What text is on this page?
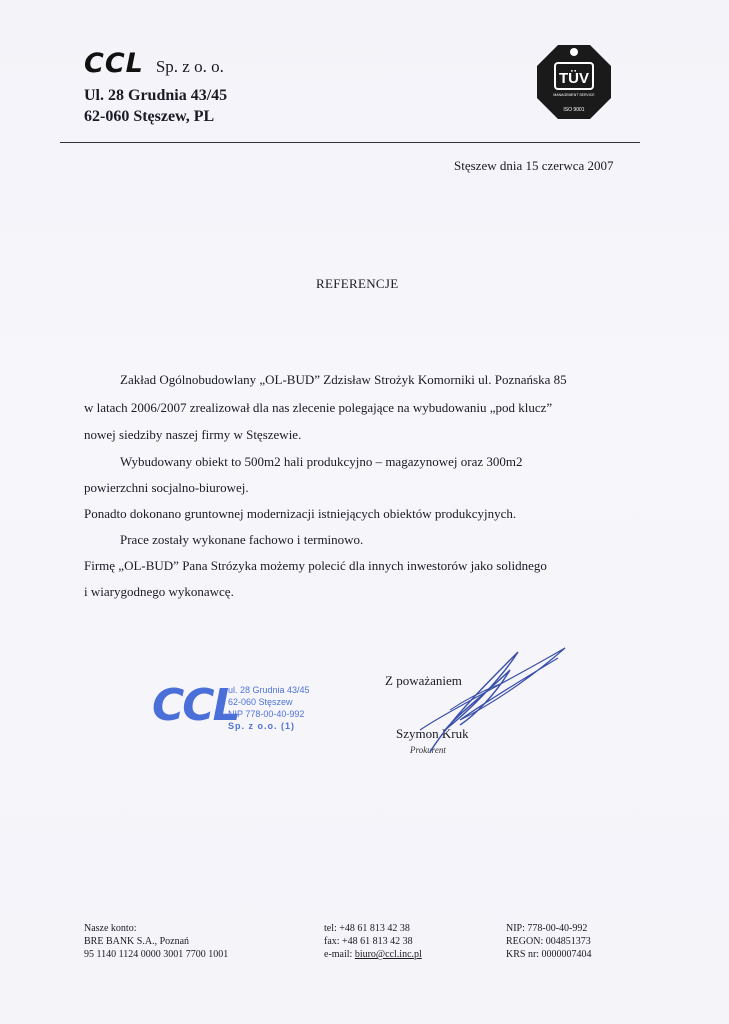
CCL Sp. z o. o.
Ul. 28 Grudnia 43/45
62-060 Stęszew, PL
TÜV
MANAGEMENT SERVICE
ISO 9001
Stęszew dnia 15 czerwca 2007
REFERENCJE
Zakład Ogólnobudowlany „OL-BUD” Zdzisław Strożyk Komorniki ul. Poznańska 85
w latach 2006/2007 zrealizował dla nas zlecenie polegające na wybudowaniu „pod klucz”
nowej siedziby naszej firmy w Stęszewie.
Wybudowany obiekt to 500m2 hali produkcyjno – magazynowej oraz 300m2
powierzchni socjalno-biurowej.
Ponadto dokonano gruntownej modernizacji istniejących obiektów produkcyjnych.
Prace zostały wykonane fachowo i terminowo.
Firmę „OL-BUD” Pana Strózyka możemy polecić dla innych inwestorów jako solidnego
i wiarygodnego wykonawcę.
CCL
ul. 28 Grudnia 43/45
62-060 Stęszew
NIP 778-00-40-992
Sp. z o.o. (1)
Z poważaniem
Szymon Kruk
Prokurent
Nasze konto:
BRE BANK S.A., Poznań
95 1140 1124 0000 3001 7700 1001
tel: +48 61 813 42 38
fax: +48 61 813 42 38
e-mail: biuro@ccl.inc.pl
NIP: 778-00-40-992
REGON: 004851373
KRS nr: 0000007404
